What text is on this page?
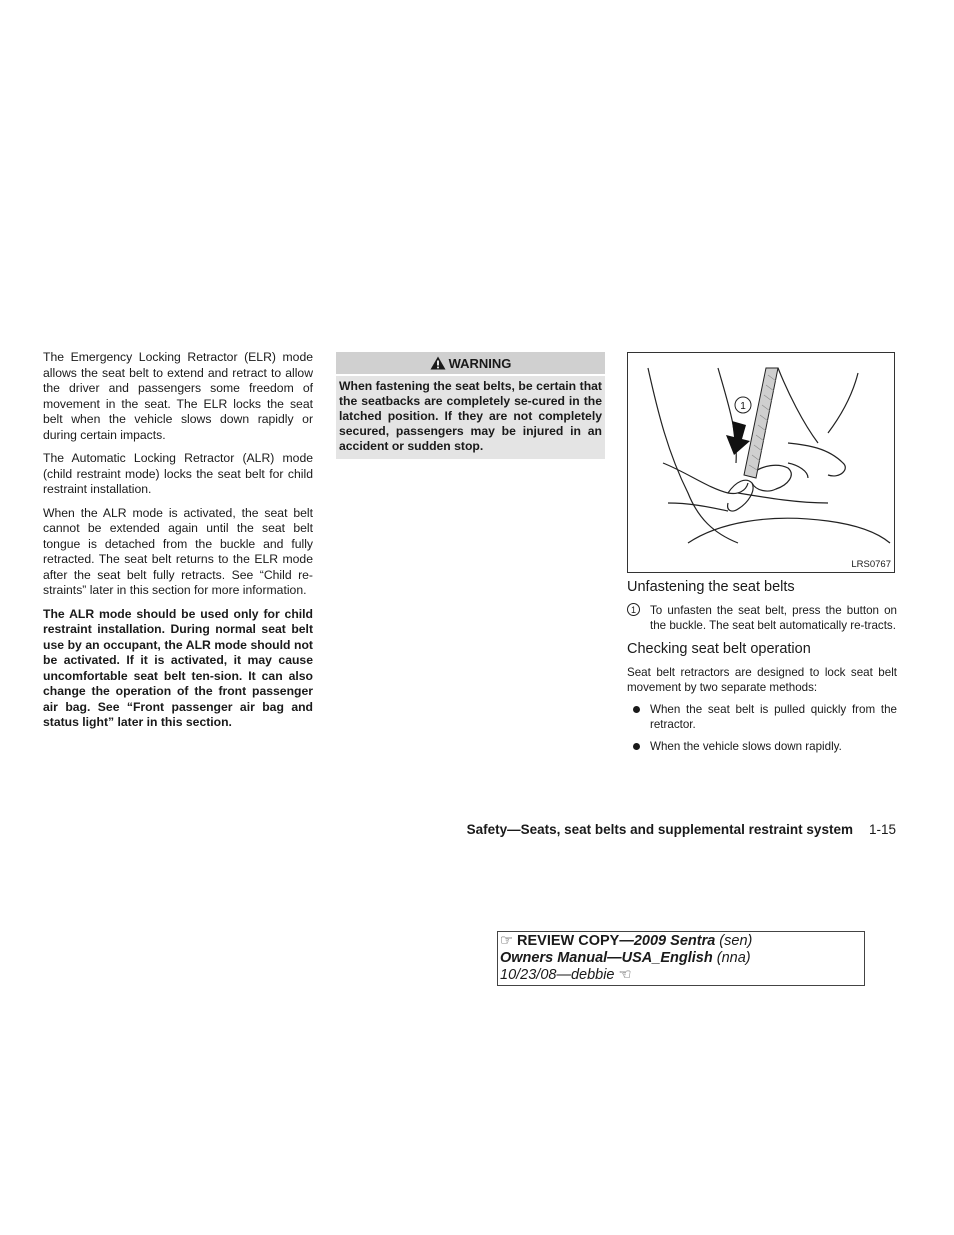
The Emergency Locking Retractor (ELR) mode allows the seat belt to extend and retract to allow the driver and passengers some freedom of movement in the seat. The ELR locks the seat belt when the vehicle slows down rapidly or during certain impacts.

The Automatic Locking Retractor (ALR) mode (child restraint mode) locks the seat belt for child restraint installation.

When the ALR mode is activated, the seat belt cannot be extended again until the seat belt tongue is detached from the buckle and fully retracted. The seat belt returns to the ELR mode after the seat belt fully retracts. See “Child re-straints” later in this section for more information.

The ALR mode should be used only for child restraint installation. During normal seat belt use by an occupant, the ALR mode should not be activated. If it is activated, it may cause uncomfortable seat belt ten-sion. It can also change the operation of the front passenger air bag. See “Front passenger air bag and status light” later in this section.

WARNING
When fastening the seat belts, be certain that the seatbacks are completely se-cured in the latched position. If they are not completely secured, passengers may be injured in an accident or sudden stop.
1
LRS0767
Unfastening the seat belts
1	To unfasten the seat belt, press the button on the buckle. The seat belt automatically re-tracts.

Checking seat belt operation

Seat belt retractors are designed to lock seat belt movement by two separate methods:

When the seat belt is pulled quickly from the retractor.

When the vehicle slows down rapidly.

Safety—Seats, seat belts and supplemental restraint system 1-15
☞ REVIEW COPY—2009 Sentra (sen)
Owners Manual—USA_English (nna)
10/23/08—debbie ☜
